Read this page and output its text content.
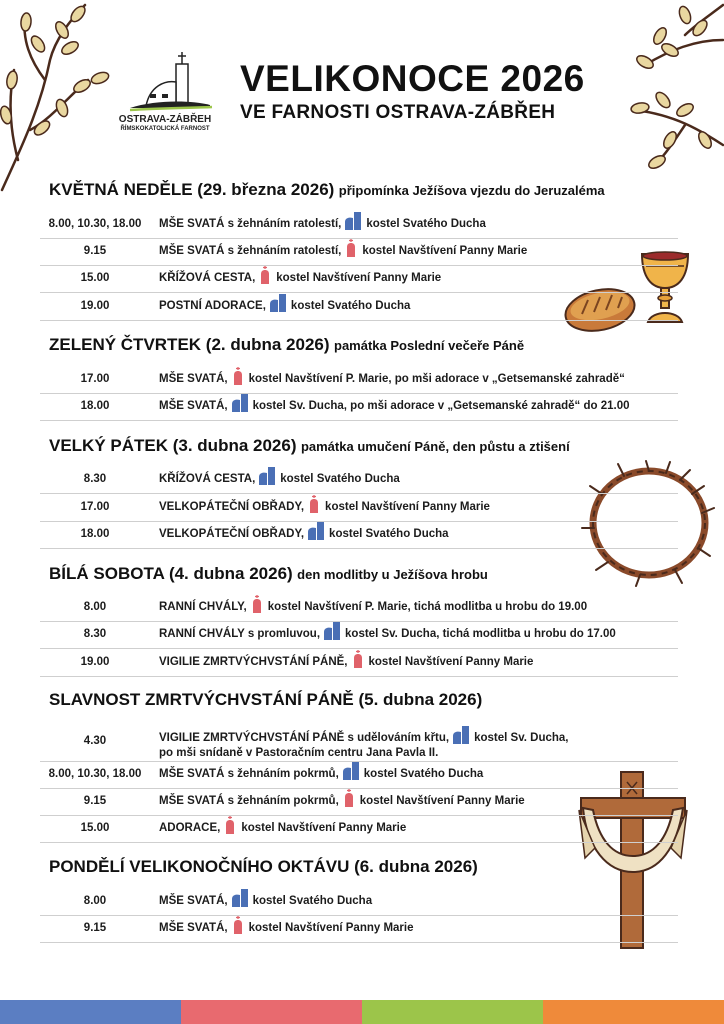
OSTRAVA-ZÁBŘEH
ŘÍMSKOKATOLICKÁ FARNOST
VELIKONOCE 2026
VE FARNOSTI OSTRAVA-ZÁBŘEH
KVĚTNÁ NEDĚLE (29. března 2026) připomínka Ježíšova vjezdu do Jeruzaléma
8.00, 10.30, 18.00	MŠE SVATÁ s žehnáním ratolestí, kostel Svatého Ducha
9.15	MŠE SVATÁ s žehnáním ratolestí, kostel Navštívení Panny Marie
15.00	KŘÍŽOVÁ CESTA, kostel Navštívení Panny Marie
19.00	POSTNÍ ADORACE, kostel Svatého Ducha
ZELENÝ ČTVRTEK (2. dubna 2026) památka Poslední večeře Páně
17.00	MŠE SVATÁ, kostel Navštívení P. Marie, po mši adorace v „Getsemanské zahradě“
18.00	MŠE SVATÁ, kostel Sv. Ducha, po mši adorace v „Getsemanské zahradě“ do 21.00
VELKÝ PÁTEK (3. dubna 2026) památka umučení Páně, den půstu a ztišení
8.30	KŘÍŽOVÁ CESTA, kostel Svatého Ducha
17.00	VELKOPÁTEČNÍ OBŘADY, kostel Navštívení Panny Marie
18.00	VELKOPÁTEČNÍ OBŘADY, kostel Svatého Ducha
BÍLÁ SOBOTA (4. dubna 2026) den modlitby u Ježíšova hrobu
8.00	RANNÍ CHVÁLY, kostel Navštívení P. Marie, tichá modlitba u hrobu do 19.00
8.30	RANNÍ CHVÁLY s promluvou, kostel Sv. Ducha, tichá modlitba u hrobu do 17.00
19.00	VIGILIE ZMRTVÝCHVSTÁNÍ PÁNĚ, kostel Navštívení Panny Marie
SLAVNOST ZMRTVÝCHVSTÁNÍ PÁNĚ (5. dubna 2026)
4.30	VIGILIE ZMRTVÝCHVSTÁNÍ PÁNĚ s udělováním křtu, kostel Sv. Ducha,
po mši snídaně v Pastoračním centru Jana Pavla II.
8.00, 10.30, 18.00	MŠE SVATÁ s žehnáním pokrmů, kostel Svatého Ducha
9.15	MŠE SVATÁ s žehnáním pokrmů, kostel Navštívení Panny Marie
15.00	ADORACE, kostel Navštívení Panny Marie
PONDĚLÍ VELIKONOČNÍHO OKTÁVU (6. dubna 2026)
8.00	MŠE SVATÁ, kostel Svatého Ducha
9.15	MŠE SVATÁ, kostel Navštívení Panny Marie
